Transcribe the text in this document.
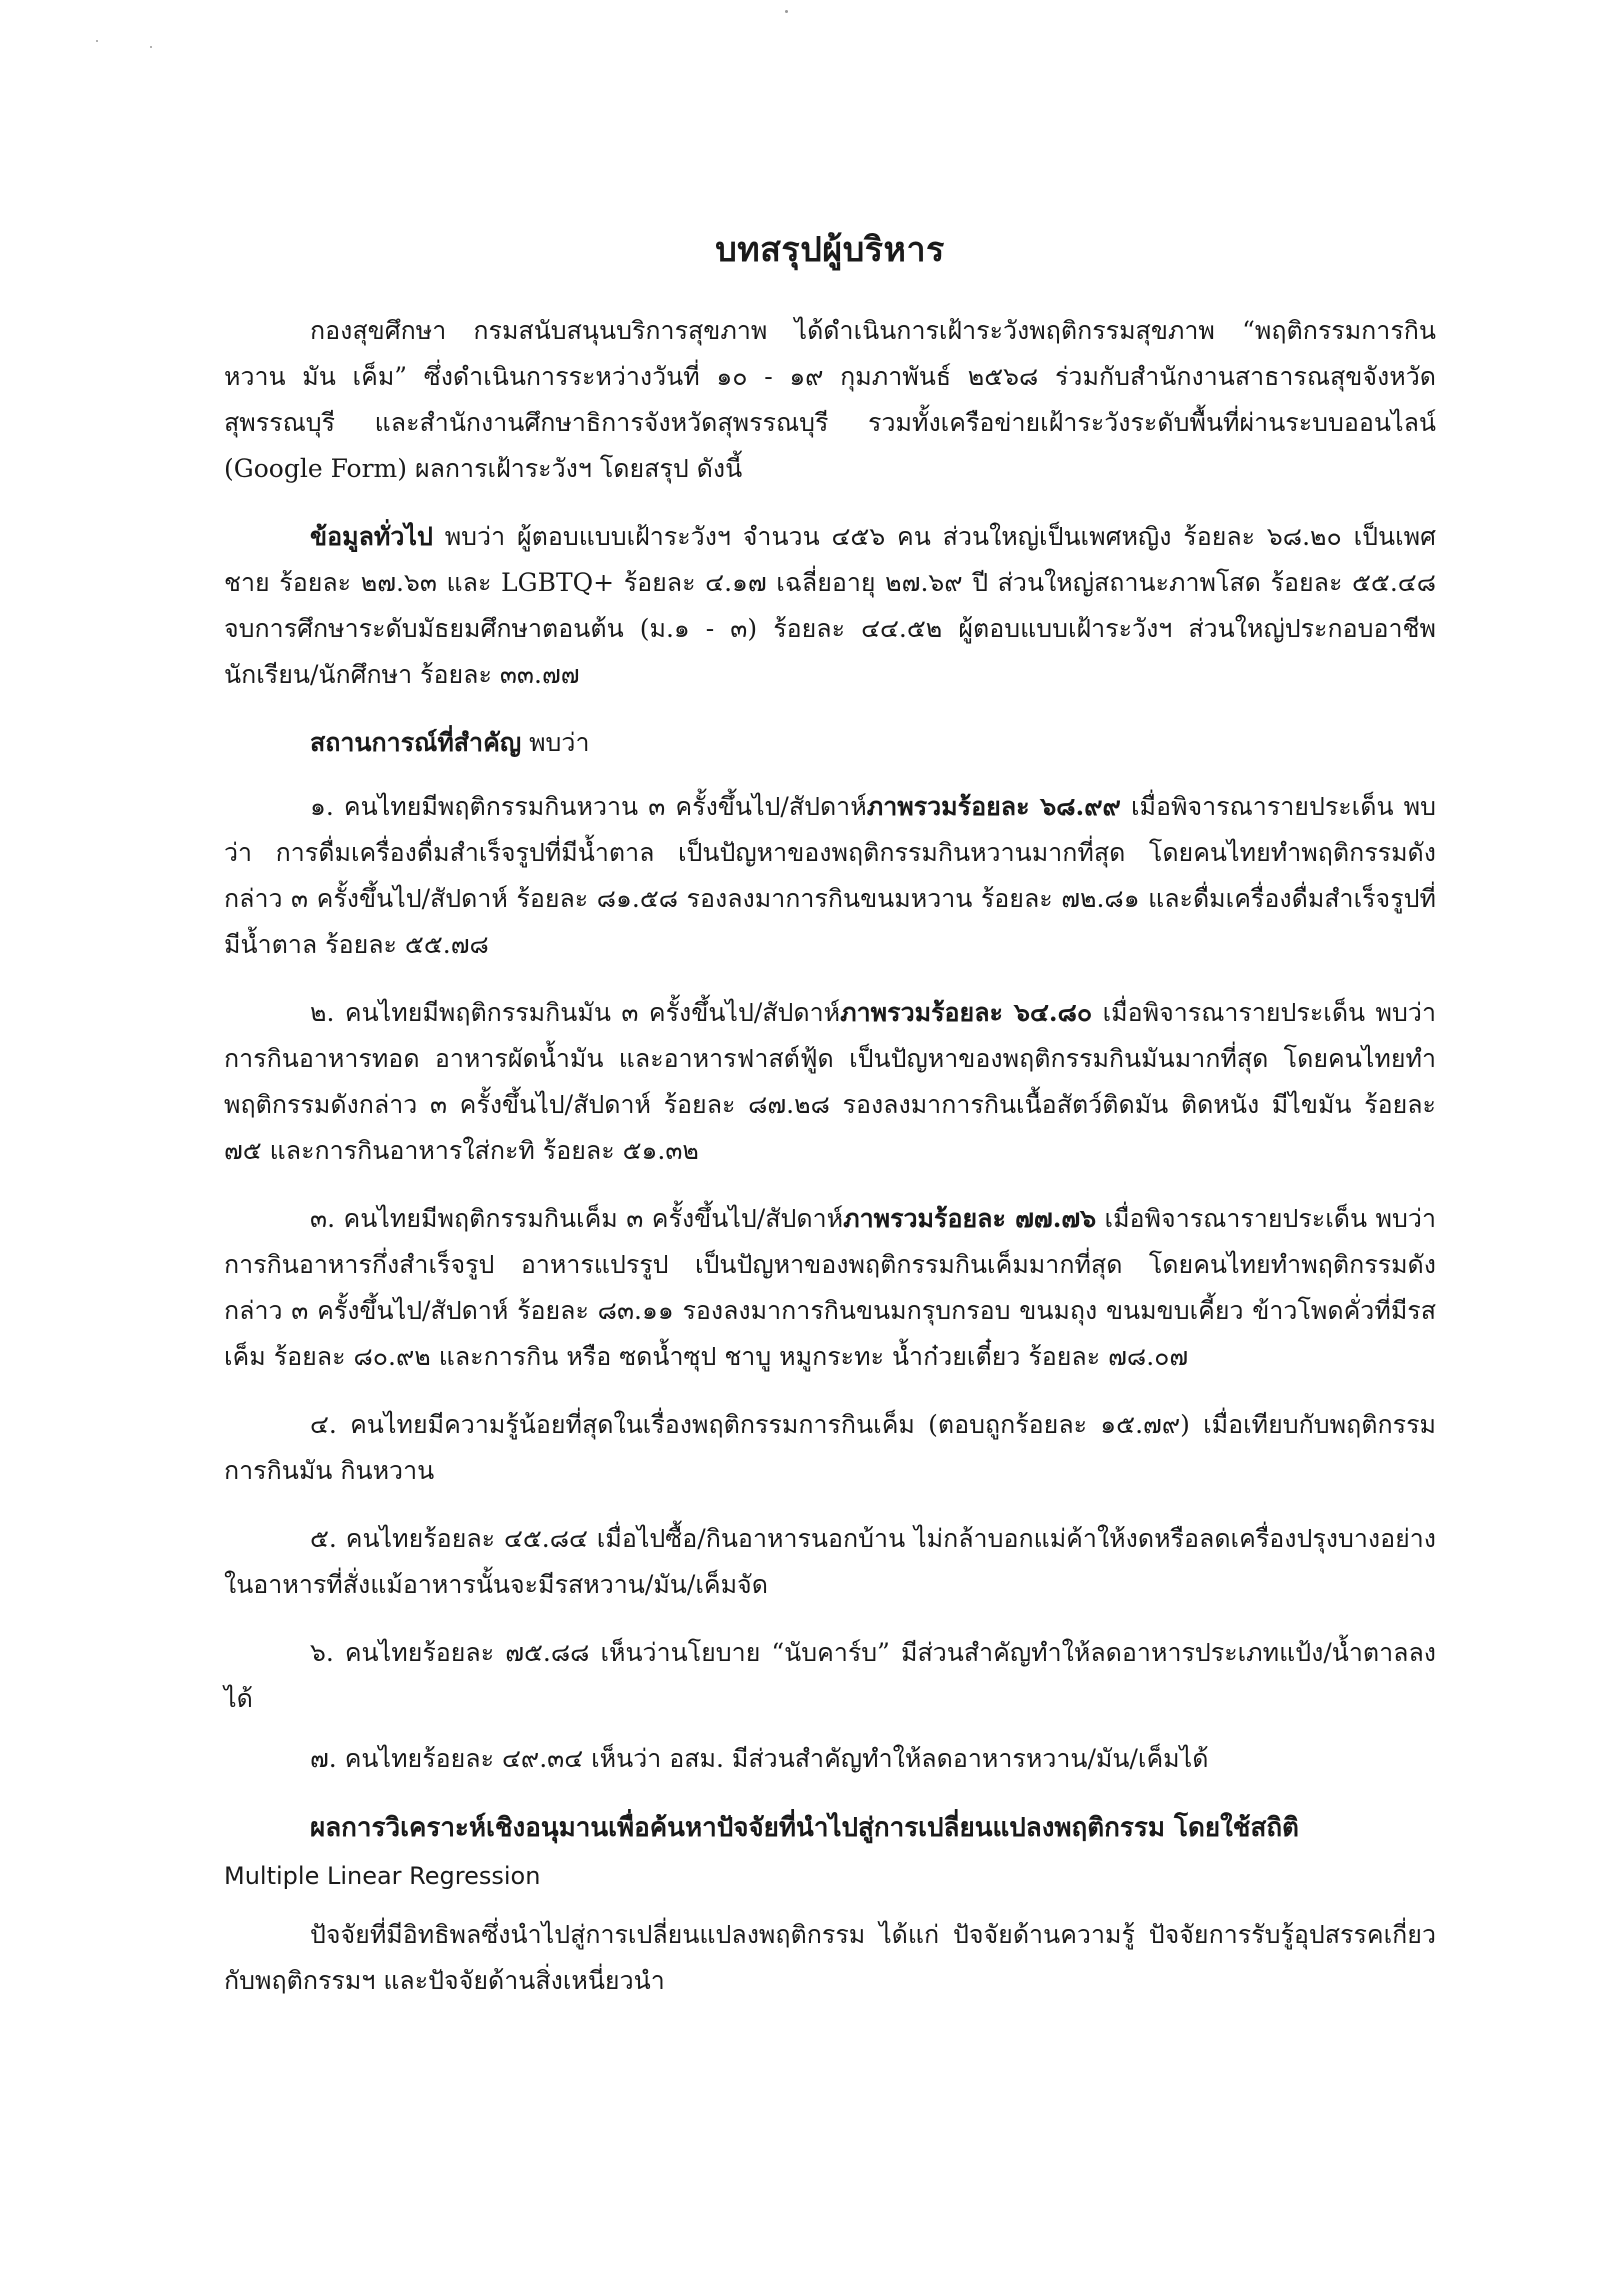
บทสรุปผู้บริหาร

กองสุขศึกษา กรมสนับสนุนบริการสุขภาพ ได้ดำเนินการเฝ้าระวังพฤติกรรมสุขภาพ “พฤติกรรมการกินหวาน มัน เค็ม” ซึ่งดำเนินการระหว่างวันที่ ๑๐ - ๑๙ กุมภาพันธ์ ๒๕๖๘ ร่วมกับสำนักงานสาธารณสุขจังหวัดสุพรรณบุรี และสำนักงานศึกษาธิการจังหวัดสุพรรณบุรี รวมทั้งเครือข่ายเฝ้าระวังระดับพื้นที่ผ่านระบบออนไลน์ (Google Form) ผลการเฝ้าระวังฯ โดยสรุป ดังนี้

ข้อมูลทั่วไป พบว่า ผู้ตอบแบบเฝ้าระวังฯ จำนวน ๔๕๖ คน ส่วนใหญ่เป็นเพศหญิง ร้อยละ ๖๘.๒๐ เป็นเพศชาย ร้อยละ ๒๗.๖๓ และ LGBTQ+ ร้อยละ ๔.๑๗ เฉลี่ยอายุ ๒๗.๖๙ ปี ส่วนใหญ่สถานะภาพโสด ร้อยละ ๕๕.๔๘ จบการศึกษาระดับมัธยมศึกษาตอนต้น (ม.๑ - ๓) ร้อยละ ๔๔.๕๒ ผู้ตอบแบบเฝ้าระวังฯ ส่วนใหญ่ประกอบอาชีพนักเรียน/นักศึกษา ร้อยละ ๓๓.๗๗

สถานการณ์ที่สำคัญ พบว่า

๑. คนไทยมีพฤติกรรมกินหวาน ๓ ครั้งขึ้นไป/สัปดาห์ภาพรวมร้อยละ ๖๘.๙๙ เมื่อพิจารณารายประเด็น พบว่า การดื่มเครื่องดื่มสำเร็จรูปที่มีน้ำตาล เป็นปัญหาของพฤติกรรมกินหวานมากที่สุด โดยคนไทยทำพฤติกรรมดังกล่าว ๓ ครั้งขึ้นไป/สัปดาห์ ร้อยละ ๘๑.๕๘ รองลงมาการกินขนมหวาน ร้อยละ ๗๒.๘๑ และดื่มเครื่องดื่มสำเร็จรูปที่มีน้ำตาล ร้อยละ ๕๕.๗๘

๒. คนไทยมีพฤติกรรมกินมัน ๓ ครั้งขึ้นไป/สัปดาห์ภาพรวมร้อยละ ๖๔.๘๐ เมื่อพิจารณารายประเด็น พบว่า การกินอาหารทอด อาหารผัดน้ำมัน และอาหารฟาสต์ฟู้ด เป็นปัญหาของพฤติกรรมกินมันมากที่สุด โดยคนไทยทำพฤติกรรมดังกล่าว ๓ ครั้งขึ้นไป/สัปดาห์ ร้อยละ ๘๗.๒๘ รองลงมาการกินเนื้อสัตว์ติดมัน ติดหนัง มีไขมัน ร้อยละ ๗๕ และการกินอาหารใส่กะทิ ร้อยละ ๕๑.๓๒

๓. คนไทยมีพฤติกรรมกินเค็ม ๓ ครั้งขึ้นไป/สัปดาห์ภาพรวมร้อยละ ๗๗.๗๖ เมื่อพิจารณารายประเด็น พบว่า การกินอาหารกึ่งสำเร็จรูป อาหารแปรรูป เป็นปัญหาของพฤติกรรมกินเค็มมากที่สุด โดยคนไทยทำพฤติกรรมดังกล่าว ๓ ครั้งขึ้นไป/สัปดาห์ ร้อยละ ๘๓.๑๑ รองลงมาการกินขนมกรุบกรอบ ขนมถุง ขนมขบเคี้ยว ข้าวโพดคั่วที่มีรสเค็ม ร้อยละ ๘๐.๙๒ และการกิน หรือ ซดน้ำซุป ชาบู หมูกระทะ น้ำก๋วยเตี๋ยว ร้อยละ ๗๘.๐๗

๔. คนไทยมีความรู้น้อยที่สุดในเรื่องพฤติกรรมการกินเค็ม (ตอบถูกร้อยละ ๑๕.๗๙) เมื่อเทียบกับพฤติกรรมการกินมัน กินหวาน

๕. คนไทยร้อยละ ๔๕.๘๔ เมื่อไปซื้อ/กินอาหารนอกบ้าน ไม่กล้าบอกแม่ค้าให้งดหรือลดเครื่องปรุงบางอย่างในอาหารที่สั่งแม้อาหารนั้นจะมีรสหวาน/มัน/เค็มจัด

๖. คนไทยร้อยละ ๗๕.๘๘ เห็นว่านโยบาย “นับคาร์บ” มีส่วนสำคัญทำให้ลดอาหารประเภทแป้ง/น้ำตาลลงได้

๗. คนไทยร้อยละ ๔๙.๓๔ เห็นว่า อสม. มีส่วนสำคัญทำให้ลดอาหารหวาน/มัน/เค็มได้

ผลการวิเคราะห์เชิงอนุมานเพื่อค้นหาปัจจัยที่นำไปสู่การเปลี่ยนแปลงพฤติกรรม โดยใช้สถิติ
Multiple Linear Regression

ปัจจัยที่มีอิทธิพลซึ่งนำไปสู่การเปลี่ยนแปลงพฤติกรรม ได้แก่ ปัจจัยด้านความรู้ ปัจจัยการรับรู้อุปสรรคเกี่ยวกับพฤติกรรมฯ และปัจจัยด้านสิ่งเหนี่ยวนำ
